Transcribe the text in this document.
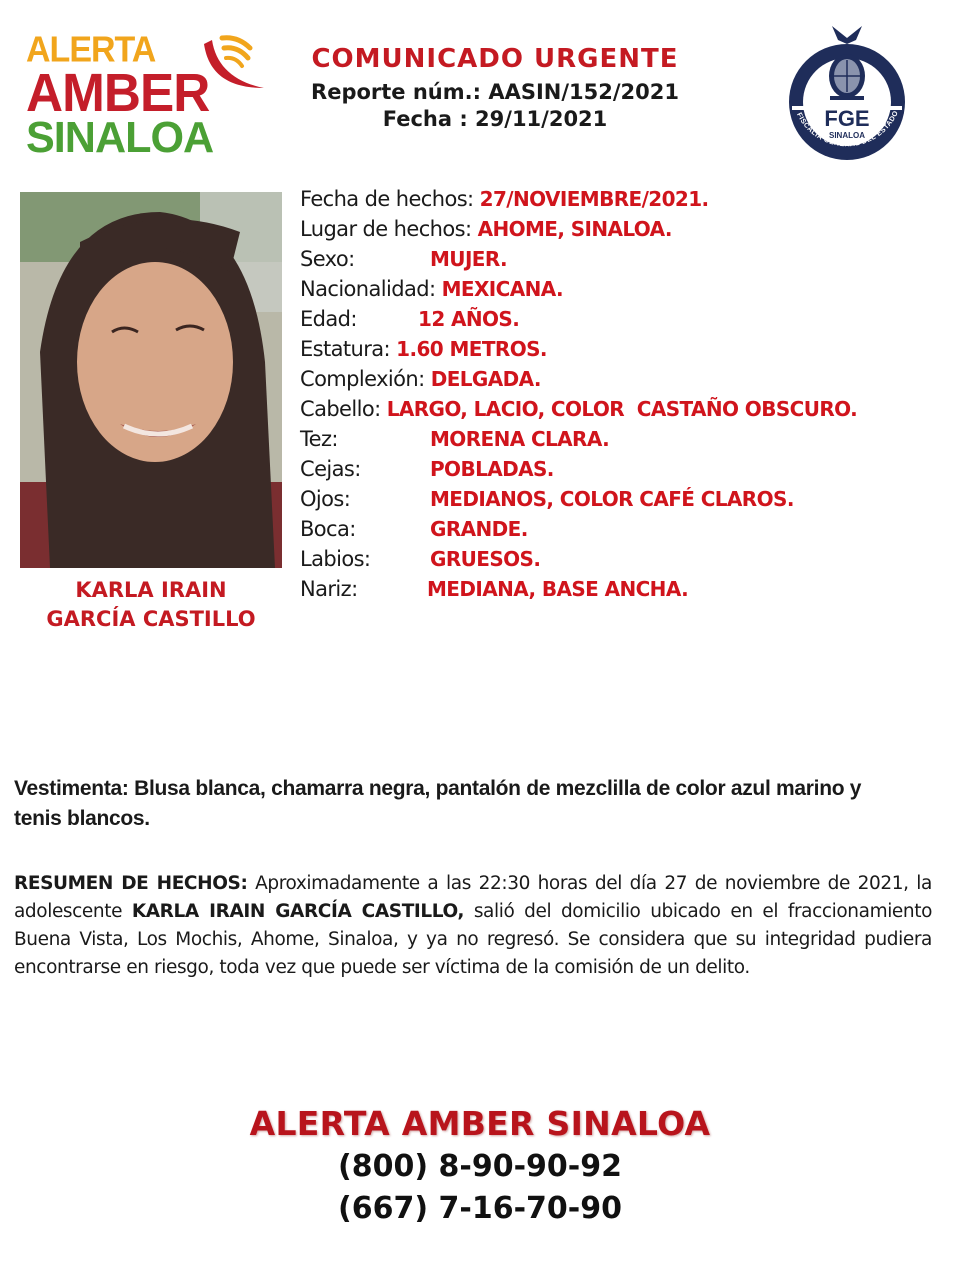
ALERTA
AMBER
SINALOA
COMUNICADO URGENTE
Reporte núm.: AASIN/152/2021
Fecha : 29/11/2021	FGE
SINALOA
FISCALÍA GENERAL DEL ESTADO
KARLA IRAIN
GARCÍA CASTILLO
Fecha de hechos: 27/NOVIEMBRE/2021.
Lugar de hechos: AHOME, SINALOA.
Sexo:	MUJER.
Nacionalidad: MEXICANA.
Edad:	12 AÑOS.
Estatura: 1.60 METROS.
Complexión: DELGADA.
Cabello: LARGO, LACIO, COLOR  CASTAÑO OBSCURO.
Tez:	MORENA CLARA.
Cejas:	POBLADAS.
Ojos:	MEDIANOS, COLOR CAFÉ CLAROS.
Boca:	GRANDE.
Labios:	GRUESOS.
Nariz:	MEDIANA, BASE ANCHA.
Vestimenta: Blusa blanca, chamarra negra, pantalón de mezclilla de color azul marino y tenis blancos.
RESUMEN DE HECHOS: Aproximadamente a las 22:30 horas del día 27 de noviembre de 2021, la adolescente KARLA IRAIN GARCÍA CASTILLO, salió del domicilio ubicado en el fraccionamiento Buena Vista, Los Mochis, Ahome, Sinaloa, y ya no regresó. Se considera que su integridad pudiera encontrarse en riesgo, toda vez que puede ser víctima de la comisión de un delito.
ALERTA AMBER SINALOA
(800) 8-90-90-92
(667) 7-16-70-90
